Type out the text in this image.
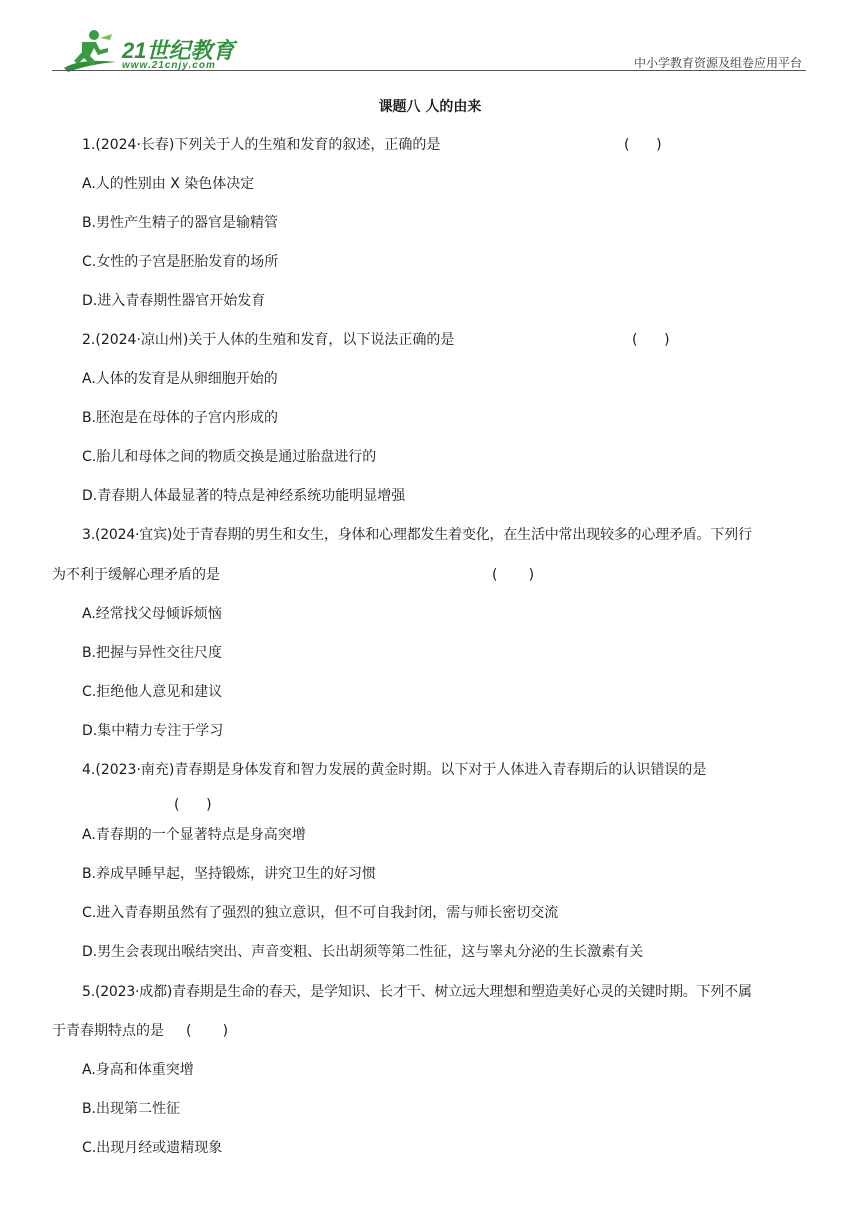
21世纪教育
www.21cnjy.com	中小学教育资源及组卷应用平台
课题八 人的由来
1.(2024·长春)下列关于人的生殖和发育的叙述，正确的是	(      )
A.人的性别由 X 染色体决定
B.男性产生精子的器官是输精管
C.女性的子宫是胚胎发育的场所
D.进入青春期性器官开始发育
2.(2024·凉山州)关于人体的生殖和发育，以下说法正确的是	(      )
A.人体的发育是从卵细胞开始的
B.胚泡是在母体的子宫内形成的
C.胎儿和母体之间的物质交换是通过胎盘进行的
D.青春期人体最显著的特点是神经系统功能明显增强
3.(2024·宜宾)处于青春期的男生和女生，身体和心理都发生着变化，在生活中常出现较多的心理矛盾。下列行
为不利于缓解心理矛盾的是	(       )
A.经常找父母倾诉烦恼
B.把握与异性交往尺度
C.拒绝他人意见和建议
D.集中精力专注于学习
4.(2023·南充)青春期是身体发育和智力发展的黄金时期。以下对于人体进入青春期后的认识错误的是
(      )
A.青春期的一个显著特点是身高突增
B.养成早睡早起，坚持锻炼，讲究卫生的好习惯
C.进入青春期虽然有了强烈的独立意识，但不可自我封闭，需与师长密切交流
D.男生会表现出喉结突出、声音变粗、长出胡须等第二性征，这与睾丸分泌的生长激素有关
5.(2023·成都)青春期是生命的春天，是学知识、长才干、树立远大理想和塑造美好心灵的关键时期。下列不属
于青春期特点的是 (       )
A.身高和体重突增
B.出现第二性征
C.出现月经或遗精现象
